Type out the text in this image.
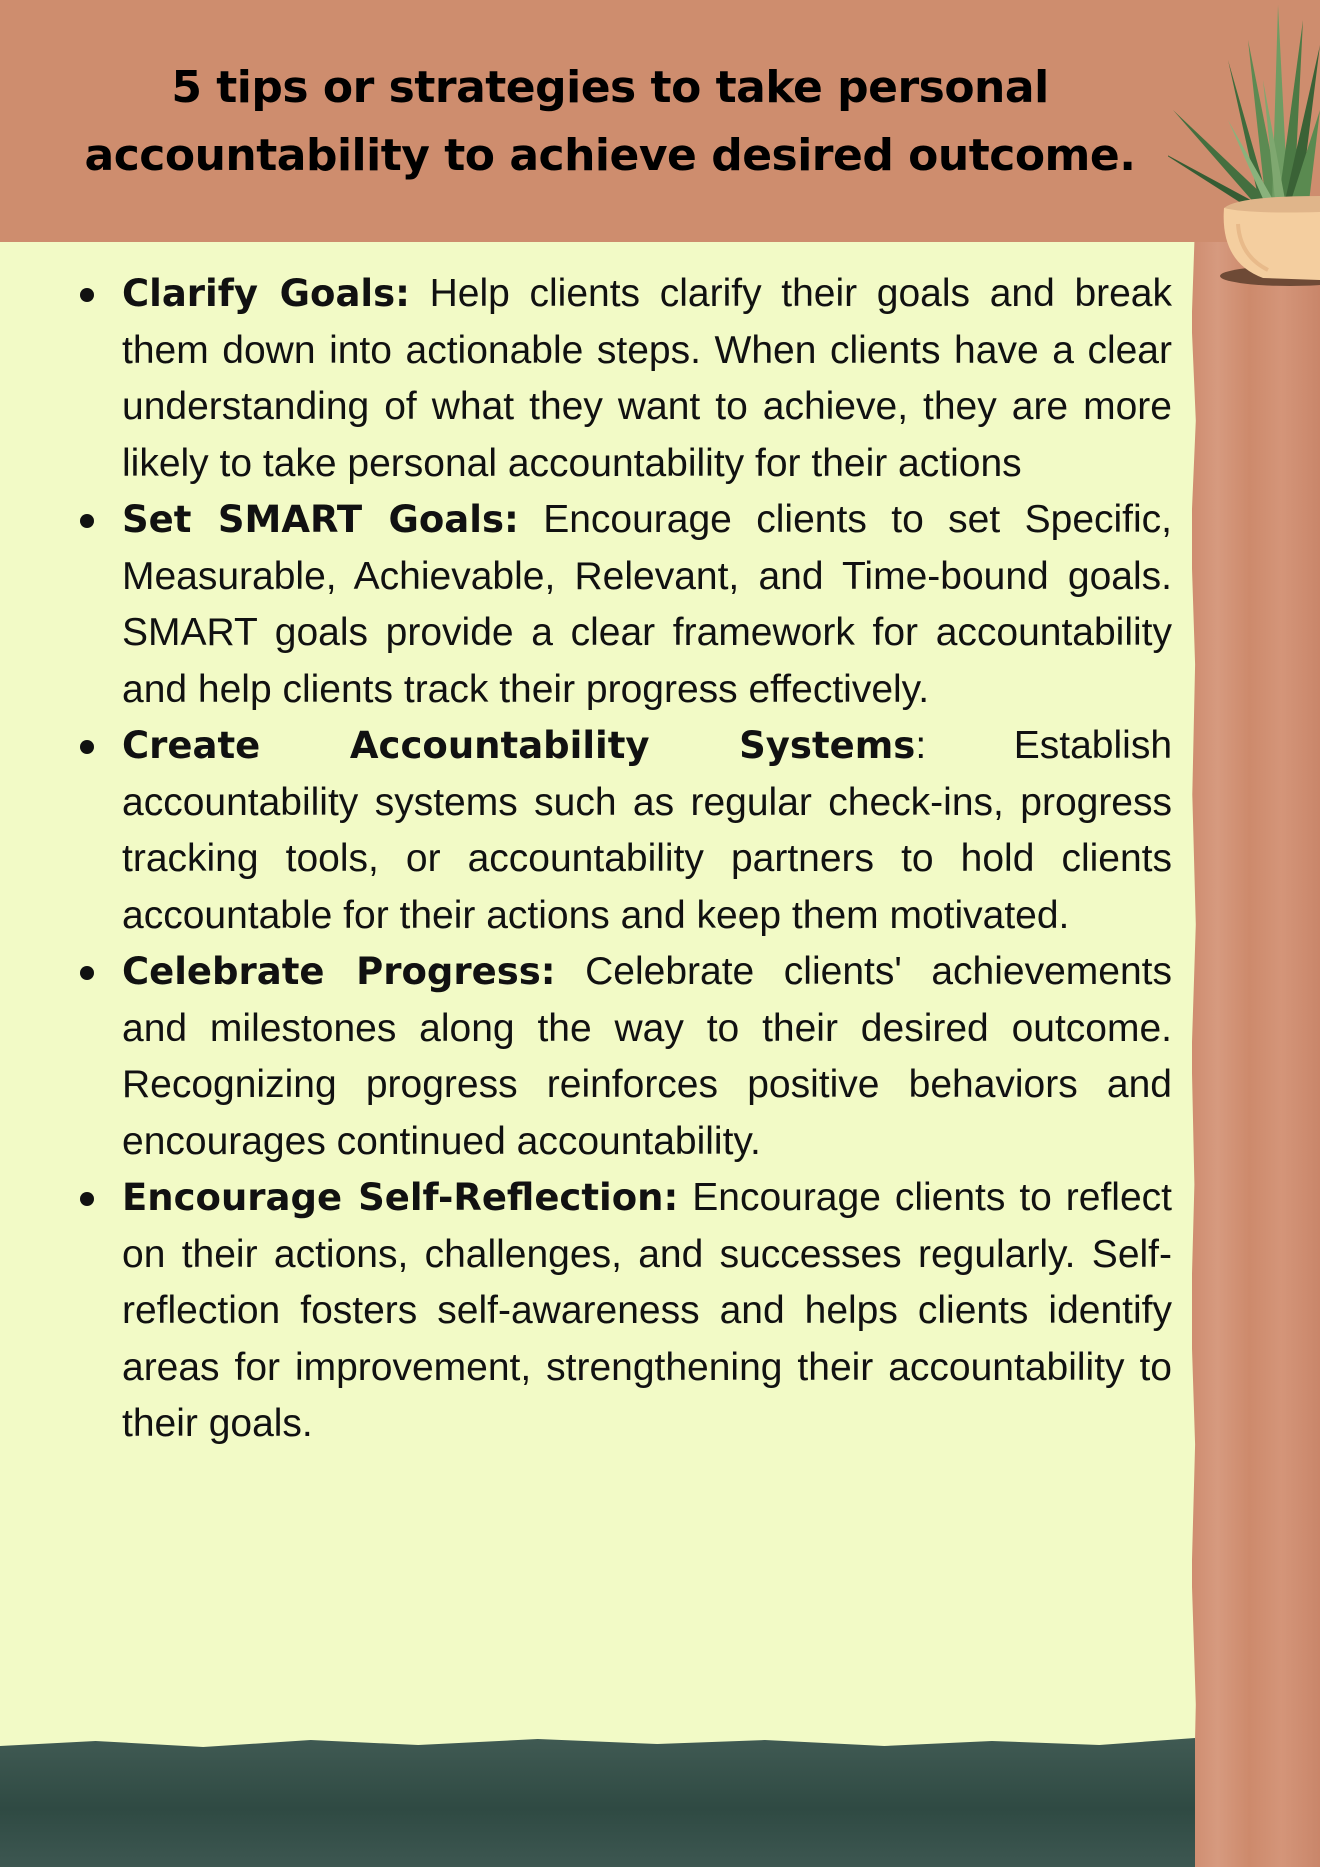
5 tips or strategies to take personal accountability to achieve desired outcome.
Clarify Goals: Help clients clarify their goals and break them down into actionable steps. When clients have a clear understanding of what they want to achieve, they are more likely to take personal accountability for their actions
Set SMART Goals: Encourage clients to set Specific, Measurable, Achievable, Relevant, and Time-bound goals. SMART goals provide a clear framework for accountability and help clients track their progress effectively.
Create Accountability Systems: Establish accountability systems such as regular check-ins, progress tracking tools, or accountability partners to hold clients accountable for their actions and keep them motivated.
Celebrate Progress: Celebrate clients' achievements and milestones along the way to their desired outcome. Recognizing progress reinforces positive behaviors and encourages continued accountability.
Encourage Self-Reflection: Encourage clients to reflect on their actions, challenges, and successes regularly. Self-reflection fosters self-awareness and helps clients identify areas for improvement, strengthening their accountability to their goals.
